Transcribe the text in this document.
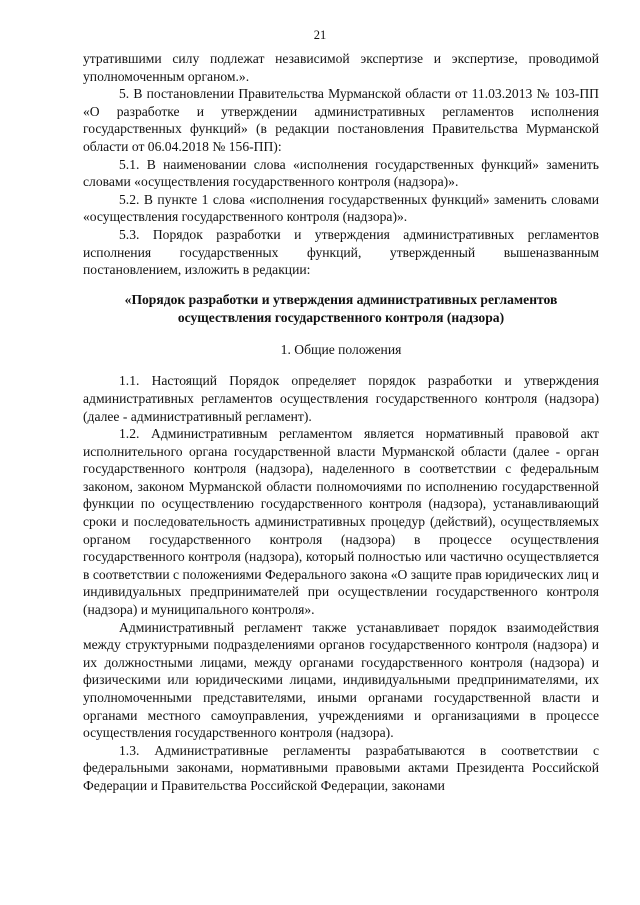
21

утратившими силу подлежат независимой экспертизе и экспертизе, проводимой уполномоченным органом.».

5. В постановлении Правительства Мурманской области от 11.03.2013 № 103-ПП «О разработке и утверждении административных регламентов исполнения государственных функций» (в редакции постановления Правительства Мурманской области от 06.04.2018 № 156-ПП):

5.1. В наименовании слова «исполнения государственных функций» заменить словами «осуществления государственного контроля (надзора)».

5.2. В пункте 1 слова «исполнения государственных функций» заменить словами «осуществления государственного контроля (надзора)».

5.3. Порядок разработки и утверждения административных регламентов исполнения государственных функций, утвержденный вышеназванным постановлением, изложить в редакции:

«Порядок разработки и утверждения административных регламентов осуществления государственного контроля (надзора)

1. Общие положения

1.1. Настоящий Порядок определяет порядок разработки и утверждения административных регламентов осуществления государственного контроля (надзора) (далее - административный регламент).

1.2. Административным регламентом является нормативный правовой акт исполнительного органа государственной власти Мурманской области (далее - орган государственного контроля (надзора), наделенного в соответствии с федеральным законом, законом Мурманской области полномочиями по исполнению государственной функции по осуществлению государственного контроля (надзора), устанавливающий сроки и последовательность административных процедур (действий), осуществляемых органом государственного контроля (надзора) в процессе осуществления государственного контроля (надзора), который полностью или частично осуществляется в соответствии с положениями Федерального закона «О защите прав юридических лиц и индивидуальных предпринимателей при осуществлении государственного контроля (надзора) и муниципального контроля».

Административный регламент также устанавливает порядок взаимодействия между структурными подразделениями органов государственного контроля (надзора) и их должностными лицами, между органами государственного контроля (надзора) и физическими или юридическими лицами, индивидуальными предпринимателями, их уполномоченными представителями, иными органами государственной власти и органами местного самоуправления, учреждениями и организациями в процессе осуществления государственного контроля (надзора).

1.3. Административные регламенты разрабатываются в соответствии с федеральными законами, нормативными правовыми актами Президента Российской Федерации и Правительства Российской Федерации, законами
